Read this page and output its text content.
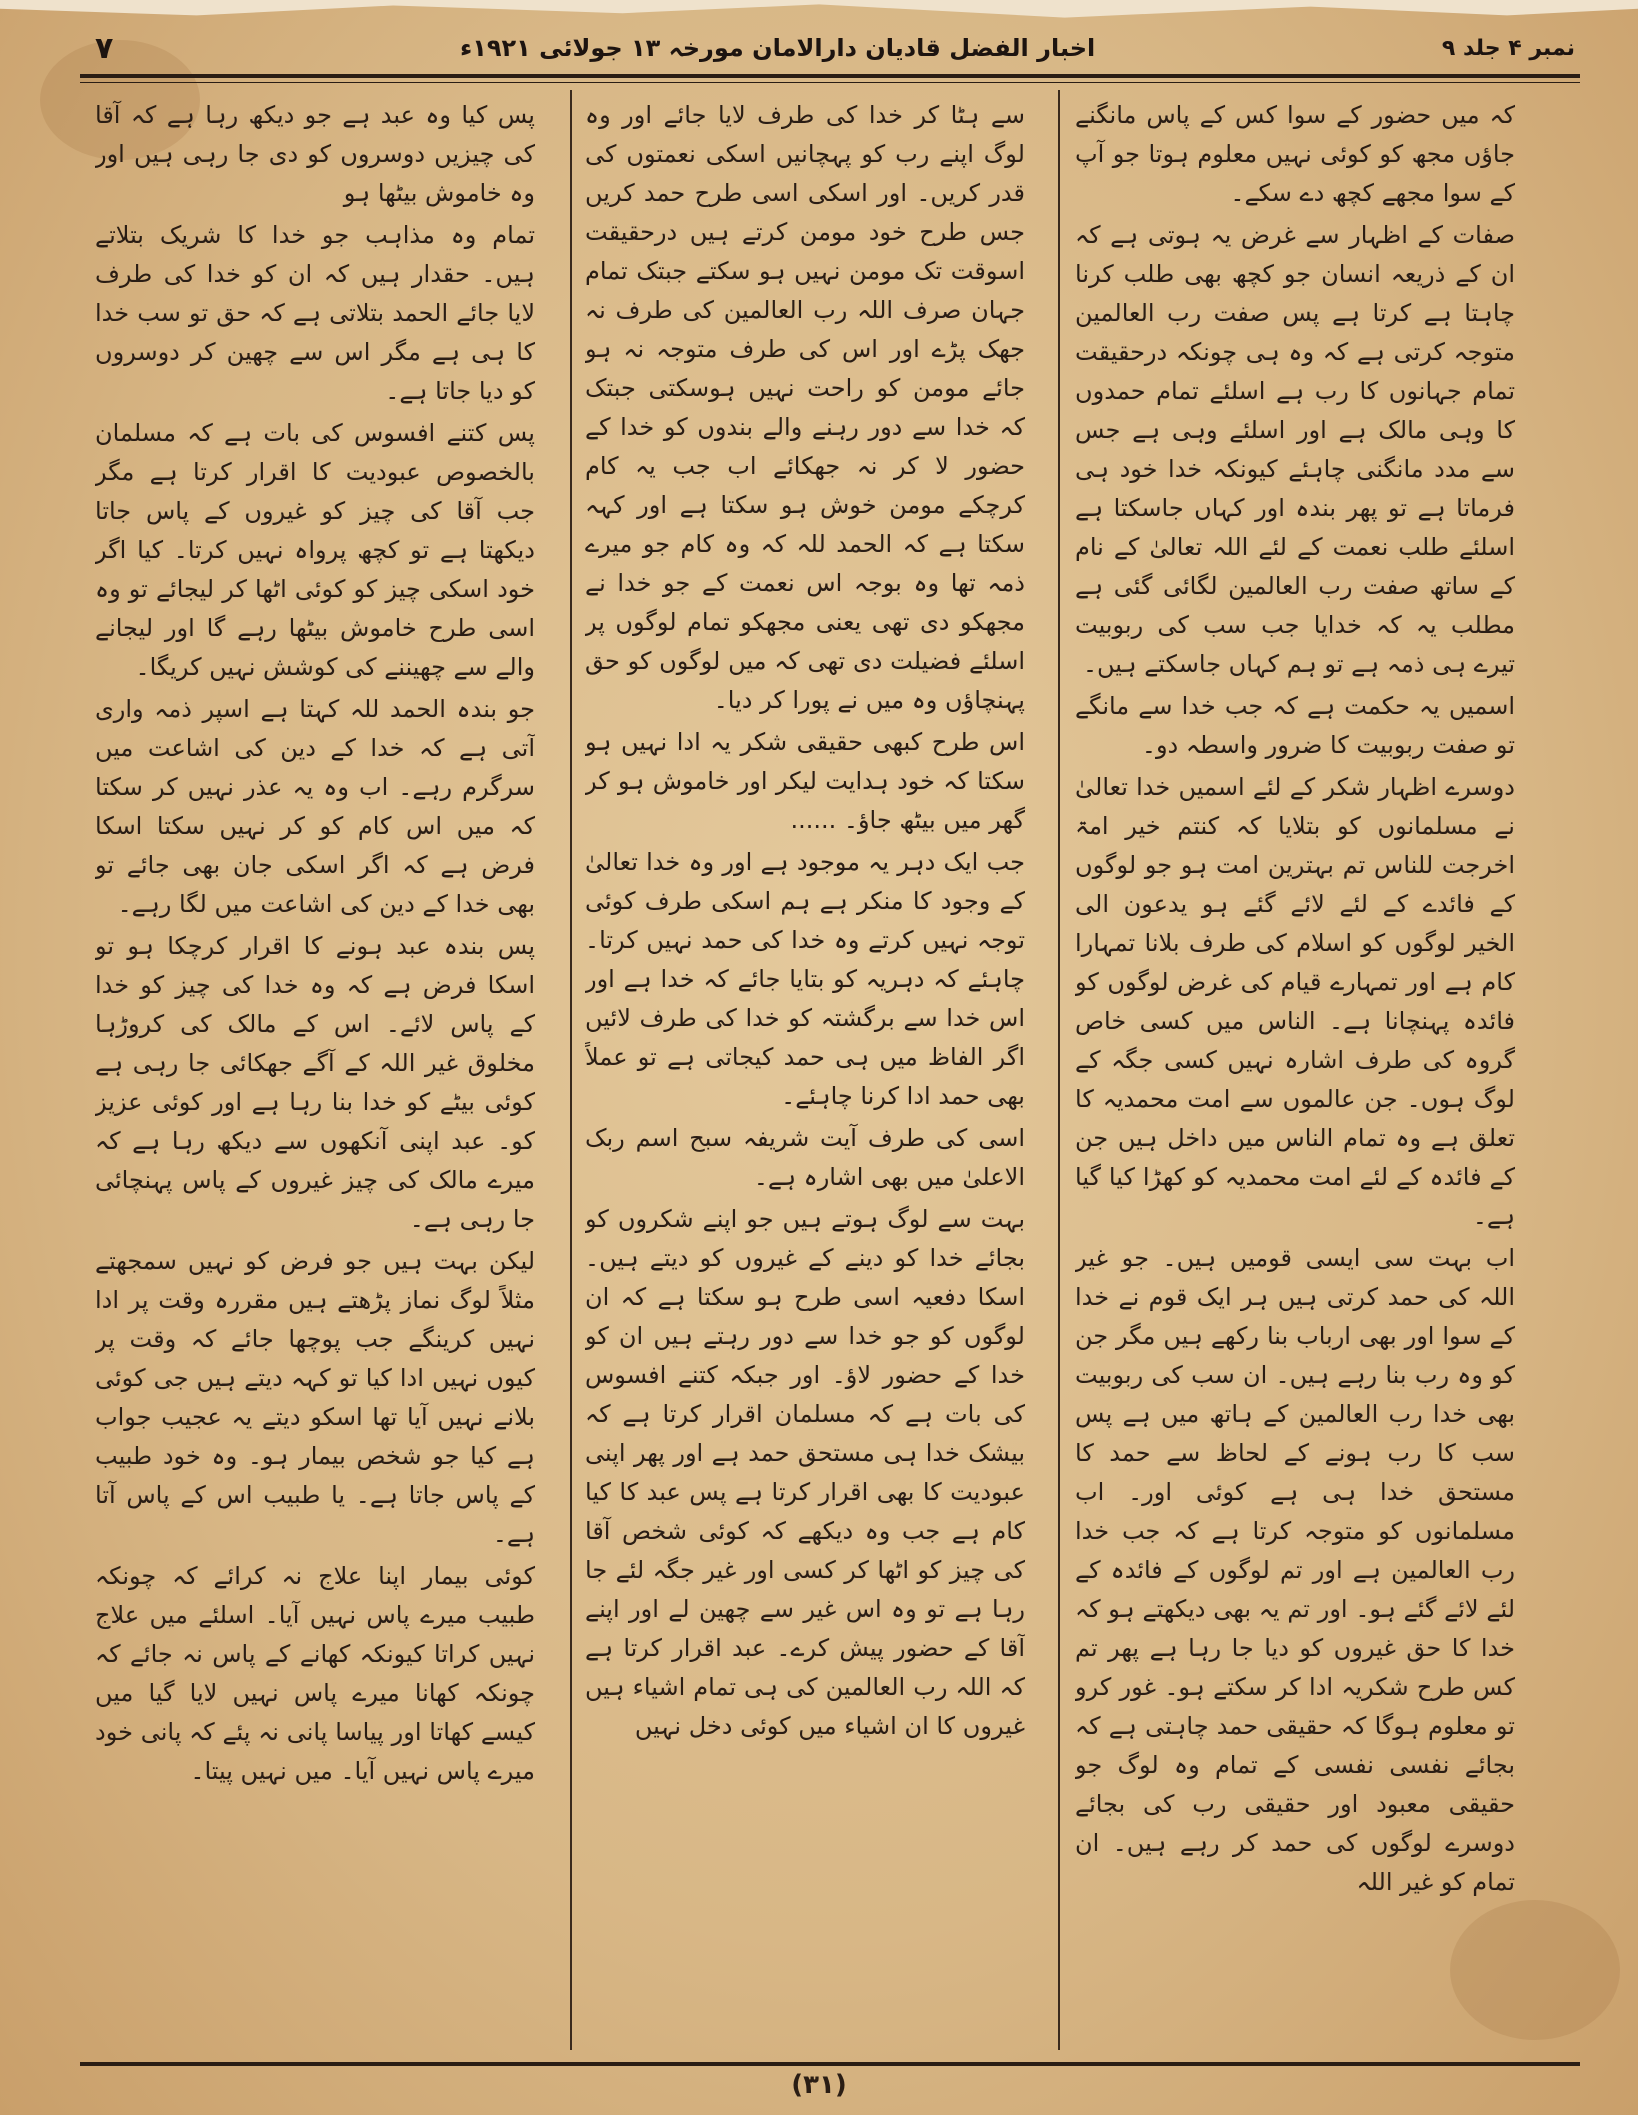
نمبر ۴ جلد ۹
اخبار الفضل قادیان دارالامان مورخہ ۱۳ جولائی ۱۹۲۱ء
۷

کہ میں حضور کے سوا کس کے پاس مانگنے جاؤں مجھ کو کوئی نہیں معلوم ہوتا جو آپ کے سوا مجھے کچھ دے سکے۔

صفات کے اظہار سے غرض یہ ہوتی ہے کہ ان کے ذریعہ انسان جو کچھ بھی طلب کرنا چاہتا ہے کرتا ہے پس صفت رب العالمین متوجہ کرتی ہے کہ وہ ہی چونکہ درحقیقت تمام جہانوں کا رب ہے اسلئے تمام حمدوں کا وہی مالک ہے اور اسلئے وہی ہے جس سے مدد مانگنی چاہئے کیونکہ خدا خود ہی فرماتا ہے تو پھر بندہ اور کہاں جاسکتا ہے اسلئے طلب نعمت کے لئے اللہ تعالیٰ کے نام کے ساتھ صفت رب العالمین لگائی گئی ہے مطلب یہ کہ خدایا جب سب کی ربوبیت تیرے ہی ذمہ ہے تو ہم کہاں جاسکتے ہیں۔

اسمیں یہ حکمت ہے کہ جب خدا سے مانگے تو صفت ربوبیت کا ضرور واسطہ دو۔

دوسرے اظہار شکر کے لئے اسمیں خدا تعالیٰ نے مسلمانوں کو بتلایا کہ کنتم خیر امۃ اخرجت للناس تم بہترین امت ہو جو لوگوں کے فائدے کے لئے لائے گئے ہو یدعون الی الخیر لوگوں کو اسلام کی طرف بلانا تمہارا کام ہے اور تمہارے قیام کی غرض لوگوں کو فائدہ پہنچانا ہے۔ الناس میں کسی خاص گروہ کی طرف اشارہ نہیں کسی جگہ کے لوگ ہوں۔ جن عالموں سے امت محمدیہ کا تعلق ہے وہ تمام الناس میں داخل ہیں جن کے فائدہ کے لئے امت محمدیہ کو کھڑا کیا گیا ہے۔

اب بہت سی ایسی قومیں ہیں۔ جو غیر اللہ کی حمد کرتی ہیں ہر ایک قوم نے خدا کے سوا اور بھی ارباب بنا رکھے ہیں مگر جن کو وہ رب بنا رہے ہیں۔ ان سب کی ربوبیت بھی خدا رب العالمین کے ہاتھ میں ہے پس سب کا رب ہونے کے لحاظ سے حمد کا مستحق خدا ہی ہے کوئی اور۔ اب مسلمانوں کو متوجہ کرتا ہے کہ جب خدا رب العالمین ہے اور تم لوگوں کے فائدہ کے لئے لائے گئے ہو۔ اور تم یہ بھی دیکھتے ہو کہ خدا کا حق غیروں کو دیا جا رہا ہے پھر تم کس طرح شکریہ ادا کر سکتے ہو۔ غور کرو تو معلوم ہوگا کہ حقیقی حمد چاہتی ہے کہ بجائے نفسی نفسی کے تمام وہ لوگ جو حقیقی معبود اور حقیقی رب کی بجائے دوسرے لوگوں کی حمد کر رہے ہیں۔ ان تمام کو غیر اللہ

سے ہٹا کر خدا کی طرف لایا جائے اور وہ لوگ اپنے رب کو پہچانیں اسکی نعمتوں کی قدر کریں۔ اور اسکی اسی طرح حمد کریں جس طرح خود مومن کرتے ہیں درحقیقت اسوقت تک مومن نہیں ہو سکتے جبتک تمام جہان صرف اللہ رب العالمین کی طرف نہ جھک پڑے اور اس کی طرف متوجہ نہ ہو جائے مومن کو راحت نہیں ہوسکتی جبتک کہ خدا سے دور رہنے والے بندوں کو خدا کے حضور لا کر نہ جھکائے اب جب یہ کام کرچکے مومن خوش ہو سکتا ہے اور کہہ سکتا ہے کہ الحمد للہ کہ وہ کام جو میرے ذمہ تھا وہ بوجہ اس نعمت کے جو خدا نے مجھکو دی تھی یعنی مجھکو تمام لوگوں پر اسلئے فضیلت دی تھی کہ میں لوگوں کو حق پہنچاؤں وہ میں نے پورا کر دیا۔

اس طرح کبھی حقیقی شکر یہ ادا نہیں ہو سکتا کہ خود ہدایت لیکر اور خاموش ہو کر گھر میں بیٹھ جاؤ۔ ......

جب ایک دہر یہ موجود ہے اور وہ خدا تعالیٰ کے وجود کا منکر ہے ہم اسکی طرف کوئی توجہ نہیں کرتے وہ خدا کی حمد نہیں کرتا۔ چاہئے کہ دہریہ کو بتایا جائے کہ خدا ہے اور اس خدا سے برگشتہ کو خدا کی طرف لائیں اگر الفاظ میں ہی حمد کیجاتی ہے تو عملاً بھی حمد ادا کرنا چاہئے۔

اسی کی طرف آیت شریفہ سبح اسم ربک الاعلیٰ میں بھی اشارہ ہے۔

بہت سے لوگ ہوتے ہیں جو اپنے شکروں کو بجائے خدا کو دینے کے غیروں کو دیتے ہیں۔ اسکا دفعیہ اسی طرح ہو سکتا ہے کہ ان لوگوں کو جو خدا سے دور رہتے ہیں ان کو خدا کے حضور لاؤ۔ اور جبکہ کتنے افسوس کی بات ہے کہ مسلمان اقرار کرتا ہے کہ بیشک خدا ہی مستحق حمد ہے اور پھر اپنی عبودیت کا بھی اقرار کرتا ہے پس عبد کا کیا کام ہے جب وہ دیکھے کہ کوئی شخص آقا کی چیز کو اٹھا کر کسی اور غیر جگہ لئے جا رہا ہے تو وہ اس غیر سے چھین لے اور اپنے آقا کے حضور پیش کرے۔ عبد اقرار کرتا ہے کہ اللہ رب العالمین کی ہی تمام اشیاء ہیں غیروں کا ان اشیاء میں کوئی دخل نہیں

پس کیا وہ عبد ہے جو دیکھ رہا ہے کہ آقا کی چیزیں دوسروں کو دی جا رہی ہیں اور وہ خاموش بیٹھا ہو

تمام وہ مذاہب جو خدا کا شریک بتلاتے ہیں۔ حقدار ہیں کہ ان کو خدا کی طرف لایا جائے الحمد بتلاتی ہے کہ حق تو سب خدا کا ہی ہے مگر اس سے چھین کر دوسروں کو دیا جاتا ہے۔

پس کتنے افسوس کی بات ہے کہ مسلمان بالخصوص عبودیت کا اقرار کرتا ہے مگر جب آقا کی چیز کو غیروں کے پاس جاتا دیکھتا ہے تو کچھ پرواہ نہیں کرتا۔ کیا اگر خود اسکی چیز کو کوئی اٹھا کر لیجائے تو وہ اسی طرح خاموش بیٹھا رہے گا اور لیجانے والے سے چھیننے کی کوشش نہیں کریگا۔

جو بندہ الحمد للہ کہتا ہے اسپر ذمہ واری آتی ہے کہ خدا کے دین کی اشاعت میں سرگرم رہے۔ اب وہ یہ عذر نہیں کر سکتا کہ میں اس کام کو کر نہیں سکتا اسکا فرض ہے کہ اگر اسکی جان بھی جائے تو بھی خدا کے دین کی اشاعت میں لگا رہے۔

پس بندہ عبد ہونے کا اقرار کرچکا ہو تو اسکا فرض ہے کہ وہ خدا کی چیز کو خدا کے پاس لائے۔ اس کے مالک کی کروڑہا مخلوق غیر اللہ کے آگے جھکائی جا رہی ہے کوئی بیٹے کو خدا بنا رہا ہے اور کوئی عزیز کو۔ عبد اپنی آنکھوں سے دیکھ رہا ہے کہ میرے مالک کی چیز غیروں کے پاس پہنچائی جا رہی ہے۔

لیکن بہت ہیں جو فرض کو نہیں سمجھتے مثلاً لوگ نماز پڑھتے ہیں مقررہ وقت پر ادا نہیں کرینگے جب پوچھا جائے کہ وقت پر کیوں نہیں ادا کیا تو کہہ دیتے ہیں جی کوئی بلانے نہیں آیا تھا اسکو دیتے یہ عجیب جواب ہے کیا جو شخص بیمار ہو۔ وہ خود طبیب کے پاس جاتا ہے۔ یا طبیب اس کے پاس آتا ہے۔

کوئی بیمار اپنا علاج نہ کرائے کہ چونکہ طبیب میرے پاس نہیں آیا۔ اسلئے میں علاج نہیں کراتا کیونکہ کھانے کے پاس نہ جائے کہ چونکہ کھانا میرے پاس نہیں لایا گیا میں کیسے کھاتا اور پیاسا پانی نہ پئے کہ پانی خود میرے پاس نہیں آیا۔ میں نہیں پیتا۔

(۳۱)
